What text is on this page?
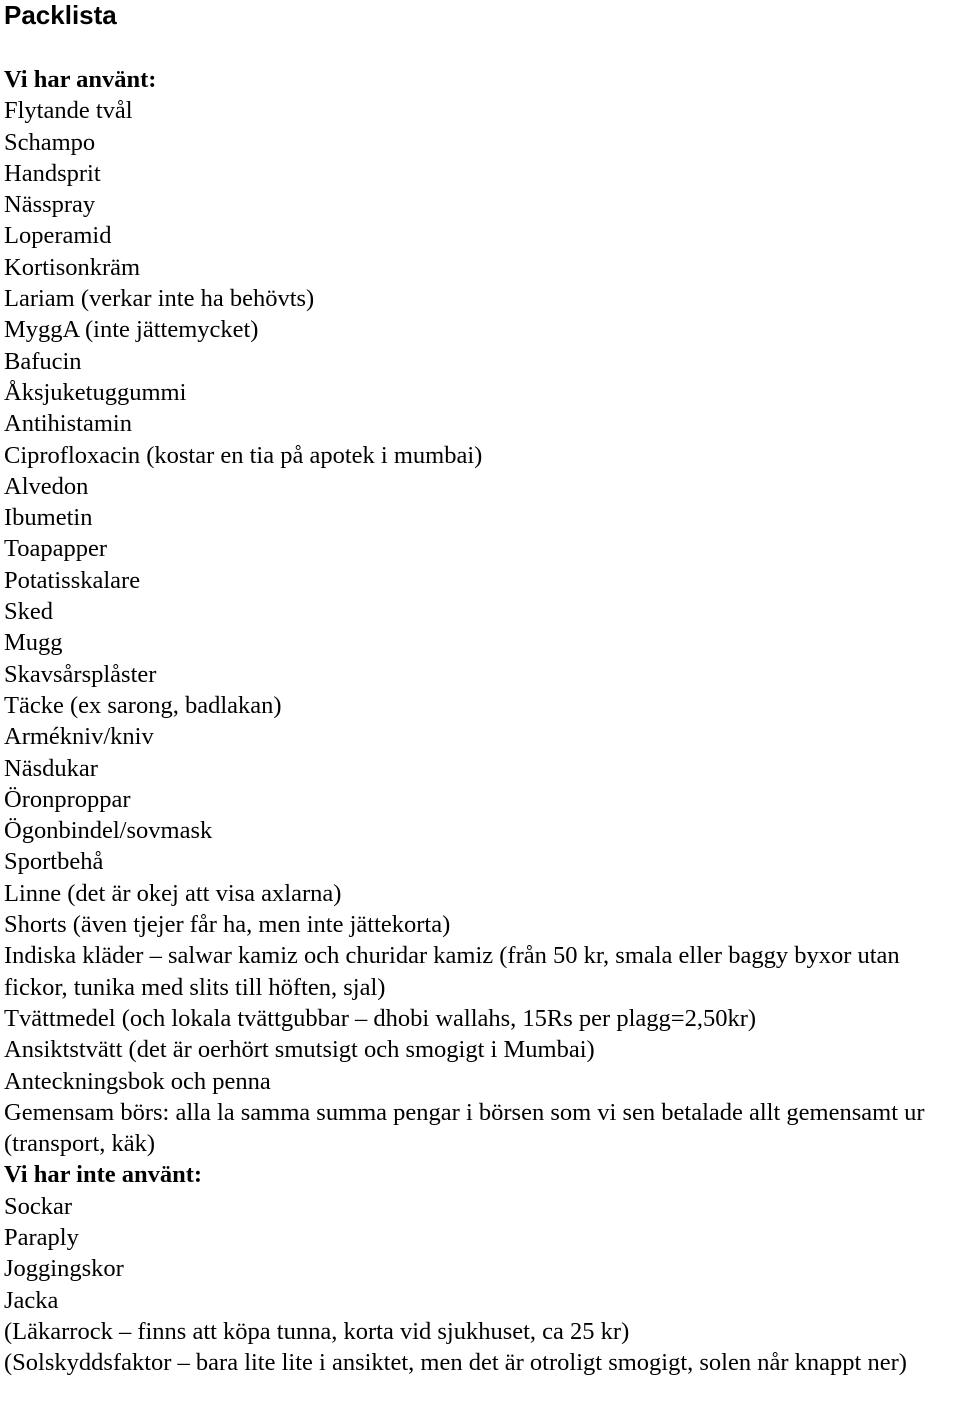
Packlista
Vi har använt:
Flytande tvål
Schampo
Handsprit
Nässpray
Loperamid
Kortisonkräm
Lariam (verkar inte ha behövts)
MyggA (inte jättemycket)
Bafucin
Åksjuketuggummi
Antihistamin
Ciprofloxacin (kostar en tia på apotek i mumbai)
Alvedon
Ibumetin
Toapapper
Potatisskalare
Sked
Mugg
Skavsårsplåster
Täcke (ex sarong, badlakan)
Armékniv/kniv
Näsdukar
Öronproppar
Ögonbindel/sovmask
Sportbehå
Linne (det är okej att visa axlarna)
Shorts (även tjejer får ha, men inte jättekorta)
Indiska kläder – salwar kamiz och churidar kamiz (från 50 kr, smala eller baggy byxor utan fickor, tunika med slits till höften, sjal)
Tvättmedel (och lokala tvättgubbar – dhobi wallahs, 15Rs per plagg=2,50kr)
Ansiktstvätt (det är oerhört smutsigt och smogigt i Mumbai)
Anteckningsbok och penna
Gemensam börs: alla la samma summa pengar i börsen som vi sen betalade allt gemensamt ur (transport, käk)
Vi har inte använt:
Sockar
Paraply
Joggingskor
Jacka
(Läkarrock – finns att köpa tunna, korta vid sjukhuset, ca 25 kr)
(Solskyddsfaktor – bara lite lite i ansiktet, men det är otroligt smogigt, solen når knappt ner)
